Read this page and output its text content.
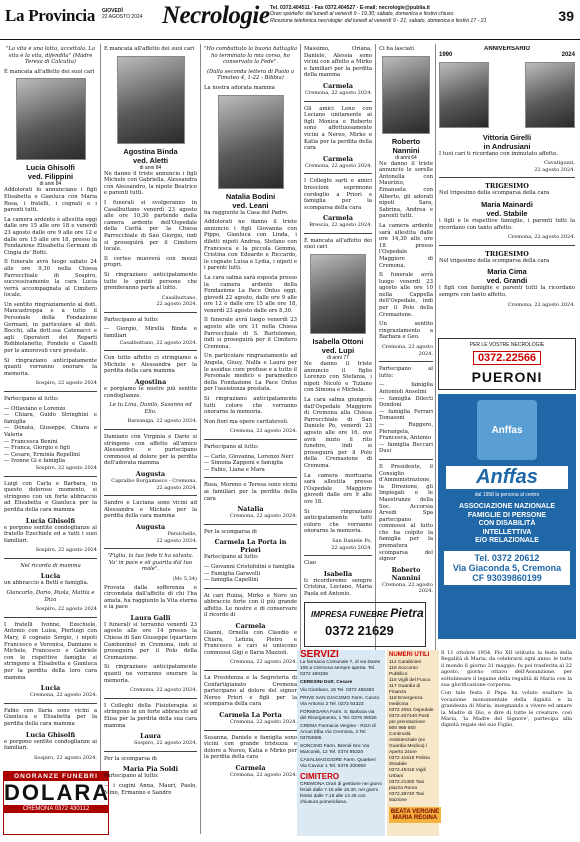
La Provincia GIOVEDÌ
22 AGOSTO 2024 Necrologie Tel. 0372.404511 · Fax 0372.404527 · E-mail: necrologie@publia.it
Orari sportello: dal lunedì al venerdì 9 - 19.30; sabato, domenica e festivi chiuso
Ricezione telefonica necrologie: dal lunedì al venerdì 9 - 21; sabato, domenica e festivi 17 - 21	39

"La vita è una lotta, accettala. La vita è la vita, difendila" (Madre Teresa di Calcutta)

È mancata all'affetto dei suoi cari

Lucia Ghisolfi
ved. Filippini
di anni 84

Addolorati lo annunciano i figli Elisabetta e Gianluca con Maria Rosa, i fratelli, i cognati e i parenti tutti.

La camera ardente è allestita oggi dalle ore 15 alle ore 18 e venerdì 23 agosto dalle ore 9 alle ore 12 e dalle ore 15 alle ore 18, presso la Fondazione Elisabetta Germani di Cingia de' Botti.

Il funerale avrà luogo sabato 24 alle ore 9,30 nella Chiesa Parrocchiale di Sospiro, successivamente la cara Lucia verrà accompagnata al Cimitero locale.

Un sentito ringraziamento al dott. Mancastroppa e a tutto il Personale della Fondazione Germani, in particolare al dott. Bocchi, alla dott.ssa Catenacci e agli Operatori dei Reparti Robbiolanetto, Fondelo e Caselli per le amorevoli cure prestate.

Si ringraziano anticipatamente quanti vorranno onorare la memoria.

Sospiro, 22 agosto 2024

Partecipano al lutto:

— Ottaviano e Lorenzo
— Chiara, Guido Stringhini e famiglia
— Donata, Giuseppe, Chiara e Valeria
— Francesca Benini
— Franca, Giorgio e figli
— Cesare, Erminia Repellini
— Ivonne Gi e famiglia
Sospiro, 22 agosto 2024

Luigi con Carla e Barbara, in questo doloroso momento, si stringono con un forte abbraccio ad Elisabetta e Gianluca per la perdita della cara mamma

Lucia Ghisolfi

e porgono sentite condoglianze al fratello Ezechiele ed a tutti i suoi familiari.

Sospiro, 22 agosto 2024

Nel ricordo di mamma

Lucia

un abbraccio a Betti e famiglia.

Giancarlo, Dario, Paola, Mattia e Diza

Sospiro, 22 agosto 2024

I fratelli Ivonne, Ezechiele, Antonio con Luisa, Pierluigi con Mary, il cognato Sergio, i nipoti Francesco e Veronica, Damiano e Michele, Francesco e Gabriele con le rispettive famiglie si stringono a Elisabetta e Gianluca per la perdita della loro cara mamma

Lucia
Cremona, 22 agosto 2024.

Fabio con Ilaria sono vicini a Gianluca e Elisabetta per la perdita della cara mamma

Lucia Ghisolfi

e porgono sentite condoglianze ai familiari.

Sospiro, 22 agosto 2024.
ONORANZE FUNEBRI
DOLARA
CREMONA 0372 430112

È mancata all'affetto dei suoi cari

Agostina Binda
ved. Aletti
di anni 84

Ne danno il triste annuncio i figli Michele con Gabriella, Alessandra con Alessandro, la nipote Beatrice e parenti tutti.

I funerali si svolgeranno in Casalbuttano venerdì 23 agosto alle ore 10,30 partendo dalla camera ardente dell'Ospedale della Carità per la Chiesa Parrocchiale di San Giorgio, indi si proseguirà per il Cimitero locale.

Il corteo muoverà con mezzi propri.

Si ringraziano anticipatamente tutte le gentili persone che prenderanno parte al lutto.

Casalbuttano,
22 agosto 2024.

Partecipano al lutto:

— Giorgio, Mirella Binda e familiari
Casalbuttano, 22 agosto 2024.

Con tutto affetto ci stringiamo a Michele e Alessandra per la perdita della cara mamma

Agostina

e porgiamo le nostre più sentite condoglianze.

Le tu Lina, Danilo, Susanna ed Elio.

Barzaniga, 22 agosto 2024.

Damiano con Virginia e Dario si stringono con affetto all'amico Alessandro e partecipano commossi al dolore per la perdita dell'adorata mamma

Augusta
Capralbo Borgamasco - Cremona,
22 agosto 2024.

Sandro e Luciana sono vicini ad Alessandra e Michele per la perdita della cara mamma

Augusta
Persichello,
22 agosto 2024.

"Figlia, la tua fede ti ha salvata. Va' in pace e sii guarita dal tuo male".

(Mc 5,34)

Provata dalla sofferenza e circondata dall'affetto di chi l'ha amata, ha raggiunto la Vita eterna e la pace

Laura Galli

I funerali si terranno venerdì 23 agosto alle ore 14 presso la Chiesa di San Giuseppe (quartiere Cambonino) in Cremona, indi si proseguirà per il Polo della Cremazione.

Si ringraziano anticipatamente quanti ne vorranno onorare la memoria.

Cremona, 22 agosto 2024.

I Colleghi della Fisioterapia si stringono in un forte abbraccio ad Elisa per la perdita della sua cara mamma

Laura
Sospiro, 22 agosto 2024.

Per la scomparsa di

Maria Pia Soldi

Partecipano al lutto:

— i cugini Anna, Mauri, Paolo, Mino, Ermanno e Sandro

"Ho combattuto la buona battaglia ho terminato la mia corsa, ho conservato la Fede".

(Dalla seconda lettera di Paolo a Timoteo 4, 1-22 - Bibbia)

La nostra adorata mamma

Natalia Bodini
ved. Leani

ha raggiunto la Casa del Padre.

Addolorati ne danno il triste annuncio i figli Giovanna con Pippo, Gianluca con Linda, i diletti nipoti Andrea, Stefano con Francesca e la piccola Gemma, Cristina con Edoardo e Riccardo, le cognate Luisa e Lydia, i nipoti e i parenti tutti.

La cara salma sarà esposta presso la camera ardente della Fondazione La Pace Onlus oggi, giovedì 22 agosto, dalle ore 9 alle ore 12 e dalle ore 15 alle ore 18, venerdì 23 agosto dalle ore 8,30.

Il funerale avrà luogo venerdì 23 agosto alle ore 11 nella Chiesa Parrocchiale di S. Bartolomeo, indi si proseguirà per il Cimitero Cremona.

Un particolare ringraziamento ad Angela, Giusy, Nulfa e Laura per le assidue cure profuse e a tutto il Personale medico e paramedico della Fondazione La Pace Onlus per l'assistenza prestata.

Si ringraziano anticipatamente tutti coloro che vorranno onorarne la memoria.

Non fiori ma opere caritatevoli.

Cremona, 22 agosto 2024.

Partecipano al lutto:

— Carlo, Giovanna, Lorenzo Neri
— Simona Zapponi e famiglia
— Fabio, Liana e Mara

Rosa, Moreno e Teresa sono vicini ai familiari per la perdita della cara

Natalia
Cremona, 22 agosto 2024.

Per la scomparsa di

Carmela La Porta in Priori

Partecipano al lutto:

— Giovanni Cristofolini e famiglia
— Famiglia Garavelli
— famiglia Capellini

Ai cari Ruina, Mirko e Noro un abbraccio forte con il più grande affetto. Le nostre e di conservare il ricordo di

Carmela

Gianni, Ornella con Claudio e Chiara, Letizia, Pietro e Francesco e cari si uniscono commossi Gigi e Ilaria Mazzoli.

Cremona, 22 agosto 2024.

La Presidenza e la Segreteria di Confartigianato Cremona partecipano al dolore del signor Nereo Priori e figli per la scomparsa della cara

Carmela La Porta
Cremona, 22 agosto 2024.

Susanna, Daniele e famiglia sono vicini con grande tristezza e dolore a Nereo, Katia e Mirko per la perdita della cara

Carmela
Cremona, 22 agosto 2024.

Massimo, Oriana, Daniele, Alessia sono vicini con affetto a Mirko e familiari per la perdita della mamma

Carmela
Cremona, 22 agosto 2024.

Gli amici Leno con Luciano unitamente ai figli Monica e Roberto sono affettuosamente vicini a Nereo, Mirko e Katia per la perdita della cara

Carmela
Cremona, 22 agosto 2024.

I Colleghi sarti e amici brescioni esprimono cordoglio a Priori e famiglia per la scomparsa della cara

Carmela
Brescia, 22 agosto 2024.

È mancata all'affetto dei suoi cari

Isabella Ottoni
ved. Lupi
di anni 77

Ne danno il triste annuncio il figlio Lorenzo con Stefania, i nipoti Nicolò e Tiziano con Simona e Michela.

La cara salma giungerà dall'Ospedale Maggiore di Cremona alla Chiesa Parrocchiale di San Daniele Po, venerdì 23 agosto alle ore 16, ove avrà inizio il rito funebre, indi si proseguirà per il Polo della Cremazione di Cremona.

La camera mortuaria sarà allestita presso l'Ospedale Maggiore giovedì dalle ore 9 alle ore 18.

Si ringraziano anticipatamente tutti coloro che vorranno onorarne la memoria.

San Daniele Po,
22 agosto 2024.

Ciao

Isabella

ti ricorderemo sempre Cristina, Luciano, Maria Paola ed Antonio.

IMPRESA FUNEBRE Pietra
0372 21629

Ci ha lasciati

Roberto Nannini
di anni 64

Ne danno il triste annuncio le sorelle Antonella con Maurizio, Emanuela con Alberto, gli adorati nipoti Sara, Sabrina, Andrea e parenti tutti.

La camera ardente sarà allestita dalle ore 14,30 alle ore 18 presso l'Ospedale Maggiore di Cremona.

Il funerale avrà luogo venerdì 23 agosto alle ore 10 nella Cappella dell'Ospedale, indi per il Polo della Cremazione.

Un sentito ringraziamento a Barbara e Geo.

Cremona, 22 agosto 2024.

Partecipano al lutto:

— famiglia Antonioli Anselmi
— famiglia Dilecti Dondoni
— famiglia Ferrari Tomasoni
— Ruggero, Pierangela, Francesca, Antonio
— famiglia Beccari Dusi

Il Presidente, il Consiglio d'Amministrazione, la Direzione, gli Impiegati e le Maestranze della Soc. Accorsia Arvedi Spa partecipano commossi al lutto che ha colpito la famiglia per la prematura scomparsa del signor

Roberto Nannini
Cremona, 22 agosto 2024.

1990
ANNIVERSARIO
2024
Vittoria Girelli
in Andrusiani

I tuoi cari ti ricordano con immutato affetto.

Cavatigozzi,
22 agosto 2024.
TRIGESIMO

Nel trigesimo della scomparsa della cara

Maria Mainardi
ved. Stabile

i figli e le rispettive famiglie, i parenti tutti la ricordano con tanto affetto.

Cremona, 22 agosto 2024.
TRIGESIMO

Nel trigesimo della scomparsa della cara

Maria Cima
ved. Grandi

i figli con famiglie e parenti tutti la ricordano sempre con tanto affetto.

Cremona, 22 agosto 2024.
PER LE VOSTRE NECROLOGIE
0372.22566
PUERONI
Anffas
Anffas
dal 1958 la persona al centro
ASSOCIAZIONE NAZIONALE
FAMIGLIE DI PERSONE
CON DISABILITÀ
INTELLETTIVA
E/O RELAZIONALE
Tel. 0372 20612
Via Giaconda 5, Cremona
CF 93039860199
SERVIZI

La farmacia Comunale 7, di via Dante 106 a Cremona sempre aperta. Tel. 0372 460335

CERESINI Dott. Cesare

Via Giordano, 15 Tel. 0372 458363

PRIVE SAN GIACOMO Farm. Canzo Via Antonio 2 Tel. 0372 64323

FORMIGARA Farm. S. Barbara via del Risorgimento, 1 Tel. 0376 38026

CREMA Farmacia Vergine - Rizzi di Arcari Elba Via Cremona, 3 Tel. 03784606

SONCINO Farm. Brendi Snc Via Marconi6, 12 Tel. 0374 85320

CASALMAGGIORE Farm. Quartieri Via Cavour 1 Tel. 0375 200093

CIMITERO

CREMONA Orari di gestione nei giorni feriali dalle 7.15 alle 18.30, nei giorni festivi dalle 7.15 alle 12.45 con chiusura pomeridiana.

NUMERI UTILI
112 Carabinieri
118 Soccorso Pubblico
115 Vigili del Fuoco
117 Guardia di Finanza
118 Emergenza medicina
0372 4051 Ospedale
0372.407440 Posti per prenotazione
800 985 660 Continuità Assistenziale (ex Guardia Medica) / Aperto 24ore
0372 41618 Polizia Stradale
0372.45416 Vigili Urbani
0372.21300 Taxi piazza Roma
0372.28740 Taxi stazione
BEATA VERGINE MARIA REGINA

Il 11 ottobre 1954, Pio XII istituita la festa della Regalità di Maria, da celebrarsi ogni anno: le tutte il mondo il giorno 31 maggio; fu poi trasferita al 22 agosto, giorno ottavo dell'Assunzione, per sottolineare il legame della regalità di Maria con la sua glorificazione corporea.

Con tale festa il Papa ha voluto esaltare la vocazione monumentale della dignità e la grandezza di Maria, insegnando a vivere ed amare la Madre di Dio, e dire di tutte le creature, così Maria, 'la Madre del Signore', partecipa alla dignità regale del suo Figlio.
